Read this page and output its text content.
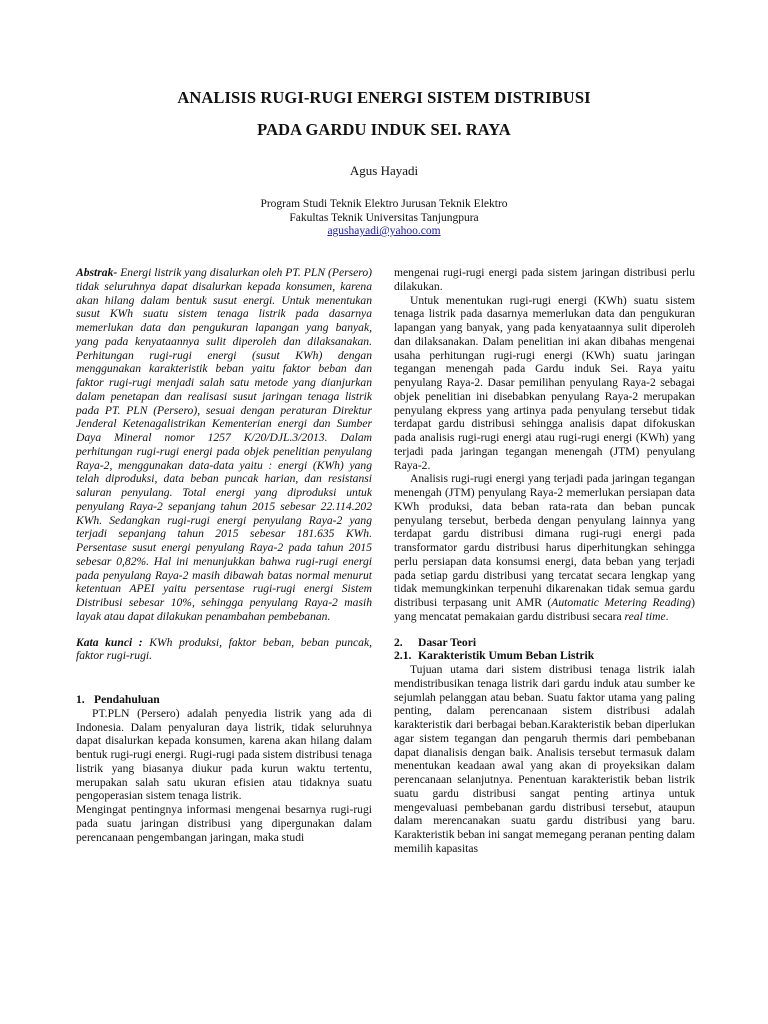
ANALISIS RUGI-RUGI ENERGI SISTEM DISTRIBUSI
PADA GARDU INDUK SEI. RAYA
Agus Hayadi
Program Studi Teknik Elektro Jurusan Teknik Elektro
Fakultas Teknik Universitas Tanjungpura
agushayadi@yahoo.com

Abstrak- Energi listrik yang disalurkan oleh PT. PLN (Persero) tidak seluruhnya dapat disalurkan kepada konsumen, karena akan hilang dalam bentuk susut energi. Untuk menentukan susut KWh suatu sistem tenaga listrik pada dasarnya memerlukan data dan pengukuran lapangan yang banyak, yang pada kenyataannya sulit diperoleh dan dilaksanakan. Perhitungan rugi-rugi energi (susut KWh) dengan menggunakan karakteristik beban yaitu faktor beban dan faktor rugi-rugi menjadi salah satu metode yang dianjurkan dalam penetapan dan realisasi susut jaringan tenaga listrik pada PT. PLN (Persero), sesuai dengan peraturan Direktur Jenderal Ketenagalistrikan Kementerian energi dan Sumber Daya Mineral nomor 1257 K/20/DJL.3/2013. Dalam perhitungan rugi-rugi energi pada objek penelitian penyulang Raya-2, menggunakan data-data yaitu : energi (KWh) yang telah diproduksi, data beban puncak harian, dan resistansi saluran penyulang. Total energi yang diproduksi untuk penyulang Raya-2 sepanjang tahun 2015 sebesar 22.114.202 KWh. Sedangkan rugi-rugi energi penyulang Raya-2 yang terjadi sepanjang tahun 2015 sebesar 181.635 KWh. Persentase susut energi penyulang Raya-2 pada tahun 2015 sebesar 0,82%. Hal ini menunjukkan bahwa rugi-rugi energi pada penyulang Raya-2 masih dibawah batas normal menurut ketentuan APEI yaitu persentase rugi-rugi energi Sistem Distribusi sebesar 10%, sehingga penyulang Raya-2 masih layak atau dapat dilakukan penambahan pembebanan.

Kata kunci : KWh produksi, faktor beban, beban puncak, faktor rugi-rugi.

1. Pendahuluan

PT.PLN (Persero) adalah penyedia listrik yang ada di Indonesia. Dalam penyaluran daya listrik, tidak seluruhnya dapat disalurkan kepada konsumen, karena akan hilang dalam bentuk rugi-rugi energi. Rugi-rugi pada sistem distribusi tenaga listrik yang biasanya diukur pada kurun waktu tertentu, merupakan salah satu ukuran efisien atau tidaknya suatu pengoperasian sistem tenaga listrik.

Mengingat pentingnya informasi mengenai besarnya rugi-rugi pada suatu jaringan distribusi yang dipergunakan dalam perencanaan pengembangan jaringan, maka studi

mengenai rugi-rugi energi pada sistem jaringan distribusi perlu dilakukan.

Untuk menentukan rugi-rugi energi (KWh) suatu sistem tenaga listrik pada dasarnya memerlukan data dan pengukuran lapangan yang banyak, yang pada kenyataannya sulit diperoleh dan dilaksanakan. Dalam penelitian ini akan dibahas mengenai usaha perhitungan rugi-rugi energi (KWh) suatu jaringan tegangan menengah pada Gardu induk Sei. Raya yaitu penyulang Raya-2. Dasar pemilihan penyulang Raya-2 sebagai objek penelitian ini disebabkan penyulang Raya-2 merupakan penyulang ekpress yang artinya pada penyulang tersebut tidak terdapat gardu distribusi sehingga analisis dapat difokuskan pada analisis rugi-rugi energi atau rugi-rugi energi (KWh) yang terjadi pada jaringan tegangan menengah (JTM) penyulang Raya-2.

Analisis rugi-rugi energi yang terjadi pada jaringan tegangan menengah (JTM) penyulang Raya-2 memerlukan persiapan data KWh produksi, data beban rata-rata dan beban puncak penyulang tersebut, berbeda dengan penyulang lainnya yang terdapat gardu distribusi dimana rugi-rugi energi pada transformator gardu distribusi harus diperhitungkan sehingga perlu persiapan data konsumsi energi, data beban yang terjadi pada setiap gardu distribusi yang tercatat secara lengkap yang tidak memungkinkan terpenuhi dikarenakan tidak semua gardu distribusi terpasang unit AMR (Automatic Metering Reading) yang mencatat pemakaian gardu distribusi secara real time.

2. Dasar Teori

2.1. Karakteristik Umum Beban Listrik

Tujuan utama dari sistem distribusi tenaga listrik ialah mendistribusikan tenaga listrik dari gardu induk atau sumber ke sejumlah pelanggan atau beban. Suatu faktor utama yang paling penting, dalam perencanaan sistem distribusi adalah karakteristik dari berbagai beban.Karakteristik beban diperlukan agar sistem tegangan dan pengaruh thermis dari pembebanan dapat dianalisis dengan baik. Analisis tersebut termasuk dalam menentukan keadaan awal yang akan di proyeksikan dalam perencanaan selanjutnya. Penentuan karakteristik beban listrik suatu gardu distribusi sangat penting artinya untuk mengevaluasi pembebanan gardu distribusi tersebut, ataupun dalam merencanakan suatu gardu distribusi yang baru. Karakteristik beban ini sangat memegang peranan penting dalam memilih kapasitas
